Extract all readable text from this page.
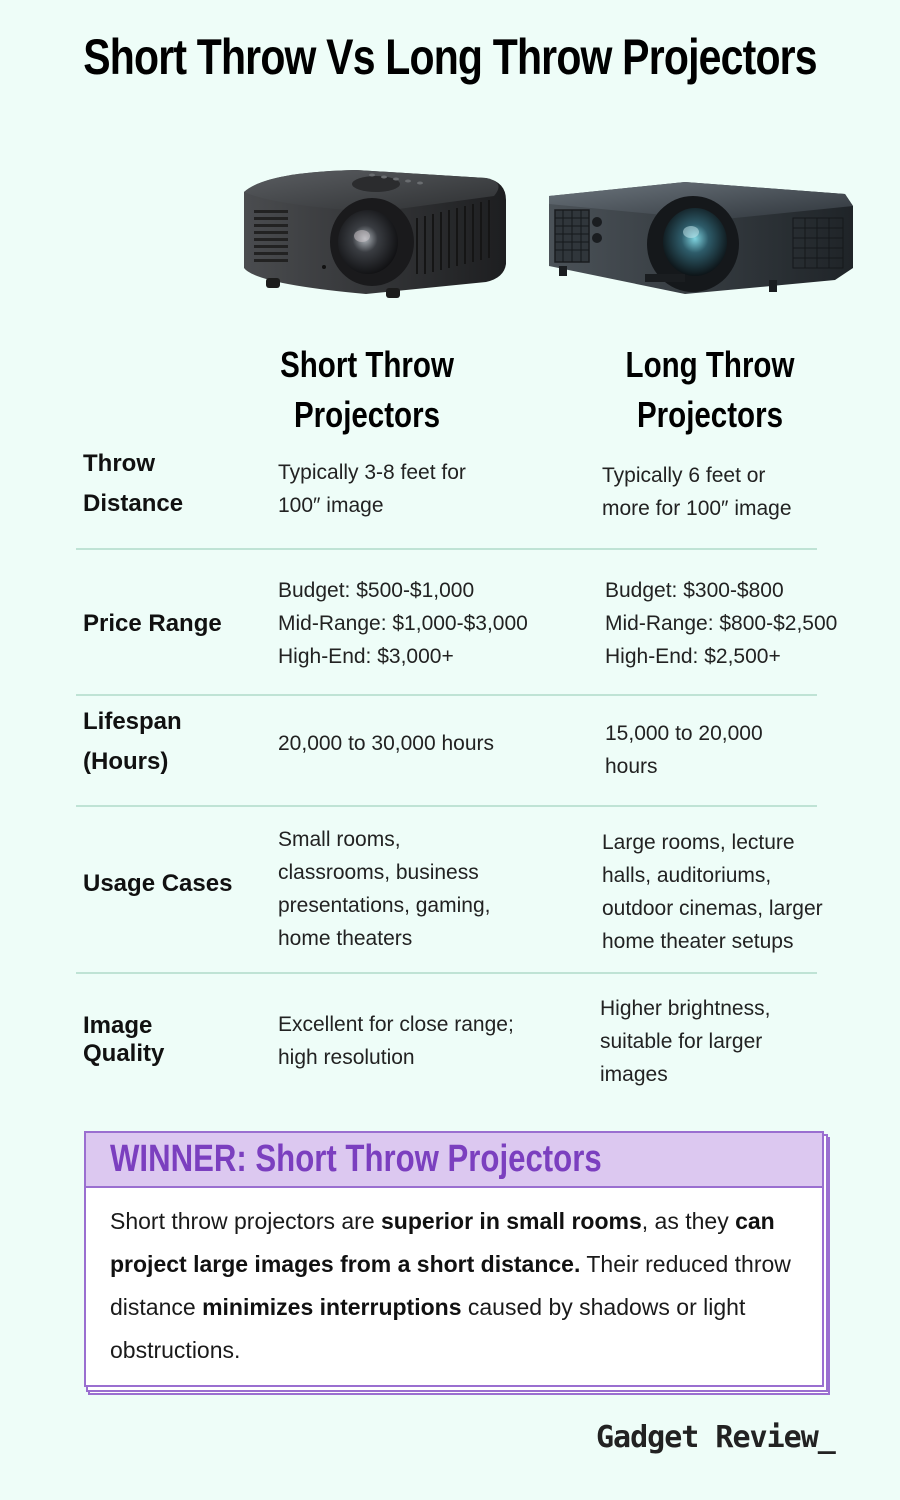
Short Throw Vs Long Throw Projectors
Short Throw
Projectors
Long Throw
Projectors
Throw
Distance
Typically 3-8 feet for
100″ image
Typically 6 feet or
more for 100″ image
Price Range
Budget: $500-$1,000
Mid-Range: $1,000-$3,000
High-End: $3,000+
Budget: $300-$800
Mid-Range: $800-$2,500
High-End: $2,500+
Lifespan
(Hours)
20,000 to 30,000 hours	15,000 to 20,000
hours
Usage Cases
Small rooms,
classrooms, business
presentations, gaming,
home theaters
Large rooms, lecture
halls, auditoriums,
outdoor cinemas, larger
home theater setups
Image
Quality
Excellent for close range;
high resolution
Higher brightness,
suitable for larger
images
WINNER: Short Throw Projectors
Short throw projectors are superior in small rooms, as they can project large images from a short distance. Their reduced throw distance minimizes interruptions caused by shadows or light obstructions.
Gadget Review_
